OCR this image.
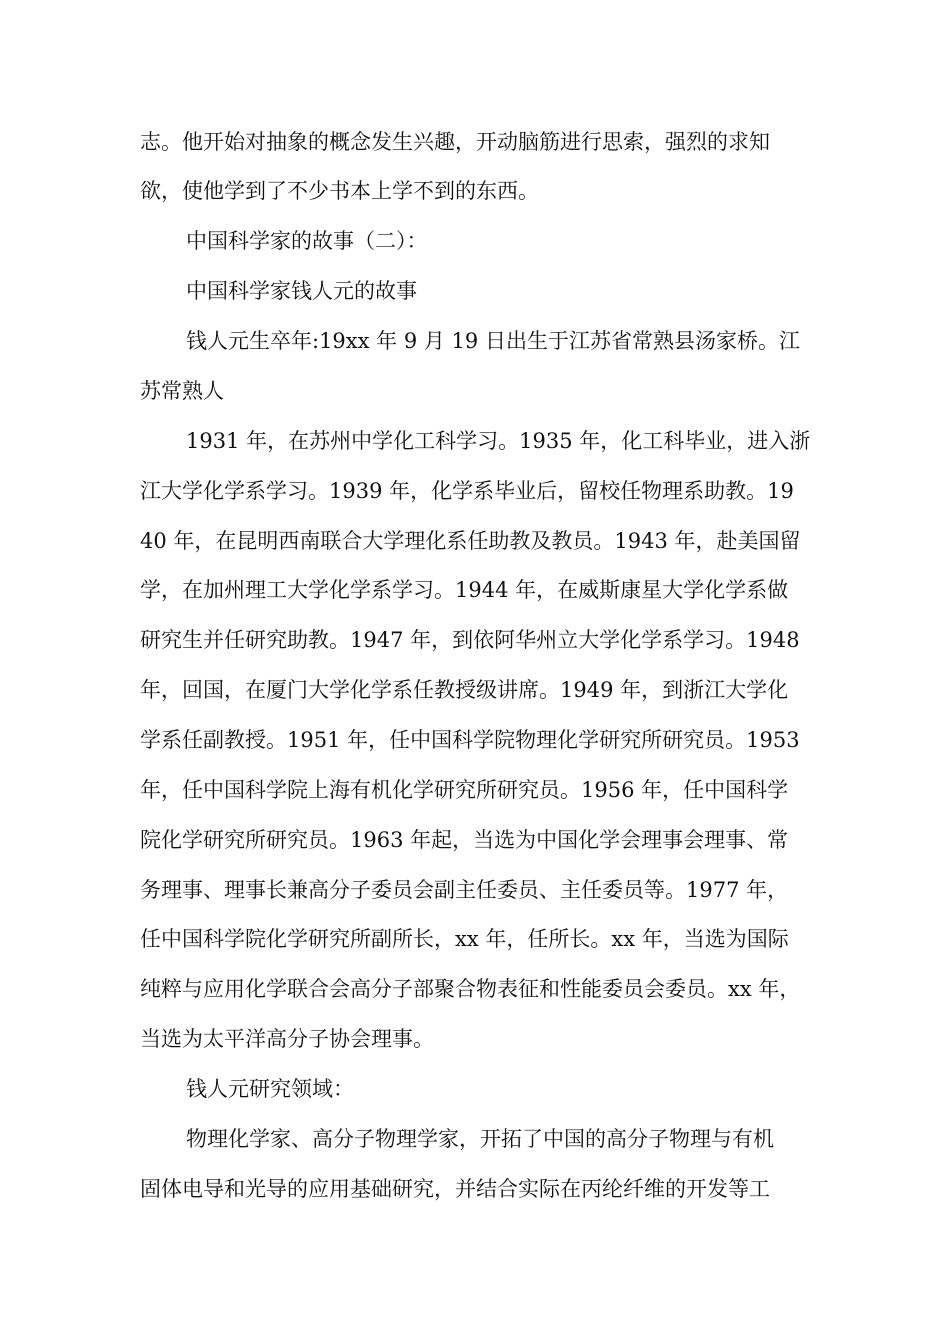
志。他开始对抽象的概念发生兴趣，开动脑筋进行思索，强烈的求知
欲，使他学到了不少书本上学不到的东西。
中国科学家的故事（二）：
中国科学家钱人元的故事
钱人元生卒年:19xx 年 9 月 19 日出生于江苏省常熟县汤家桥。江
苏常熟人
1931 年，在苏州中学化工科学习。1935 年，化工科毕业，进入浙
江大学化学系学习。1939 年，化学系毕业后，留校任物理系助教。19
40 年，在昆明西南联合大学理化系任助教及教员。1943 年，赴美国留
学，在加州理工大学化学系学习。1944 年，在威斯康星大学化学系做
研究生并任研究助教。1947 年，到依阿华州立大学化学系学习。1948
年，回国，在厦门大学化学系任教授级讲席。1949 年，到浙江大学化
学系任副教授。1951 年，任中国科学院物理化学研究所研究员。1953
年，任中国科学院上海有机化学研究所研究员。1956 年，任中国科学
院化学研究所研究员。1963 年起，当选为中国化学会理事会理事、常
务理事、理事长兼高分子委员会副主任委员、主任委员等。1977 年，
任中国科学院化学研究所副所长，xx 年，任所长。xx 年，当选为国际
纯粹与应用化学联合会高分子部聚合物表征和性能委员会委员。xx 年，
当选为太平洋高分子协会理事。
钱人元研究领域：
物理化学家、高分子物理学家，开拓了中国的高分子物理与有机
固体电导和光导的应用基础研究，并结合实际在丙纶纤维的开发等工
